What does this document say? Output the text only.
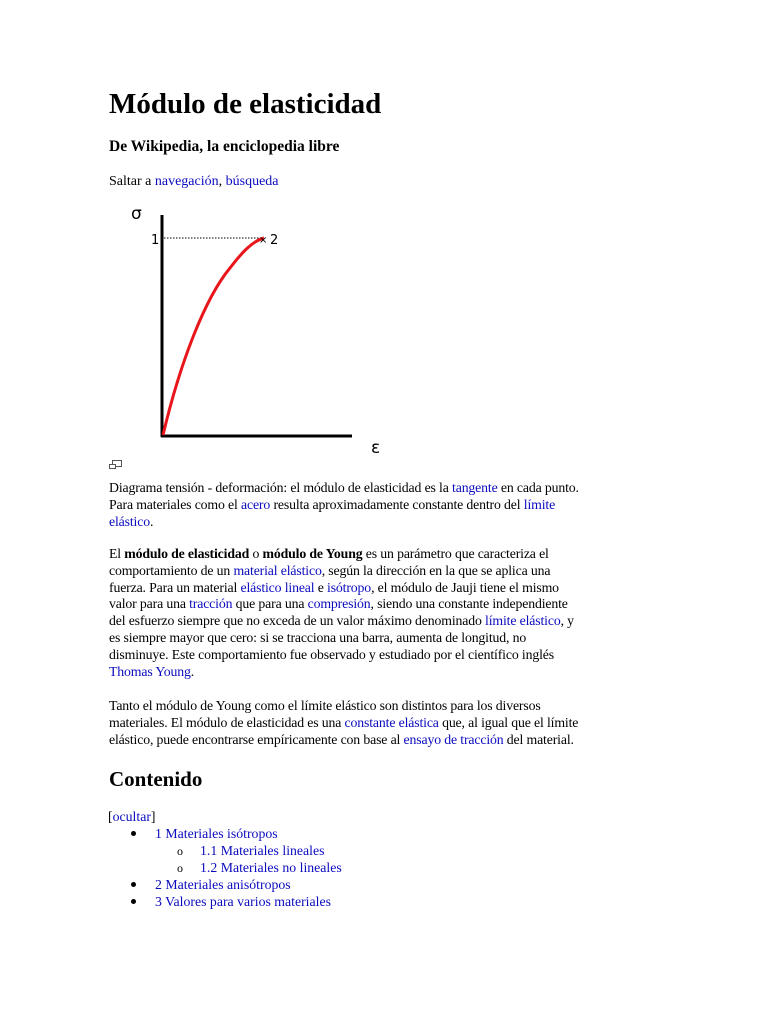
Módulo de elasticidad
De Wikipedia, la enciclopedia libre
Saltar a navegación, búsqueda
σ
1	× 2
ε
Diagrama tensión - deformación: el módulo de elasticidad es la tangente en cada punto.
Para materiales como el acero resulta aproximadamente constante dentro del límite
elástico.
El módulo de elasticidad o módulo de Young es un parámetro que caracteriza el
comportamiento de un material elástico, según la dirección en la que se aplica una
fuerza. Para un material elástico lineal e isótropo, el módulo de Jauji tiene el mismo
valor para una tracción que para una compresión, siendo una constante independiente
del esfuerzo siempre que no exceda de un valor máximo denominado límite elástico, y
es siempre mayor que cero: si se tracciona una barra, aumenta de longitud, no
disminuye. Este comportamiento fue observado y estudiado por el científico inglés
Thomas Young.
Tanto el módulo de Young como el límite elástico son distintos para los diversos
materiales. El módulo de elasticidad es una constante elástica que, al igual que el límite
elástico, puede encontrarse empíricamente con base al ensayo de tracción del material.
Contenido
[ocultar]
1 Materiales isótropos
o 1.1 Materiales lineales
o 1.2 Materiales no lineales
2 Materiales anisótropos
3 Valores para varios materiales
